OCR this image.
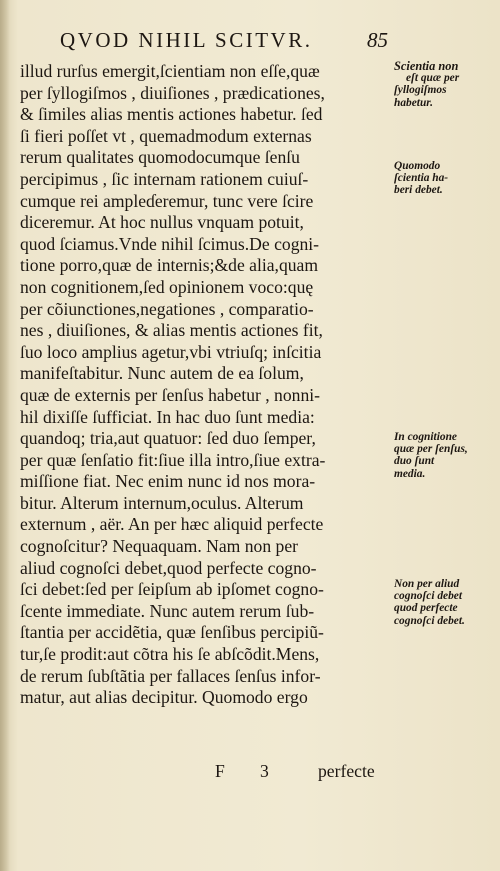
QVOD NIHIL SCITVR.	85
illud rurſus emergit,ſcientiam non eſſe,quæ
per ſyllogiſmos , diuiſiones , prædicationes,
& ſimiles alias mentis actiones habetur. ſed
ſi fieri poſſet vt , quemadmodum externas
rerum qualitates quomodocumque ſenſu
percipimus , ſic internam rationem cuiuſ-
cumque rei ampleɗeremur, tunc vere ſcire
diceremur. At hoc nullus vnquam potuit,
quod ſciamus.Vnde nihil ſcimus.De cogni-
tione porro,quæ de internis;&de alia,quam
non cognitionem,ſed opinionem voco:quę
per cõiunctiones,negationes , comparatio-
nes , diuiſiones, & alias mentis actiones fit,
ſuo loco amplius agetur,vbi vtriuſq; inſcitia
manifeſtabitur. Nunc autem de ea ſolum,
quæ de externis per ſenſus habetur , nonni-
hil dixiſſe ſufficiat. In hac duo ſunt media:
quandoq; tria,aut quatuor: ſed duo ſemper,
per quæ ſenſatio fit:ſiue illa intro,ſiue extra-
miſſione fiat. Nec enim nunc id nos mora-
bitur. Alterum internum,oculus. Alterum
externum , aër. An per hæc aliquid perfecte
cognoſcitur? Nequaquam. Nam non per
aliud cognoſci debet,quod perfecte cogno-
ſci debet:ſed per ſeipſum ab ipſomet cogno-
ſcente immediate. Nunc autem rerum ſub-
ſtantia per accidẽtia, quæ ſenſibus percipiũ-
tur,ſe prodit:aut cõtra his ſe abſcõdit.Mens,
de rerum ſubſtãtia per fallaces ſenſus infor-
matur, aut alias decipitur. Quomodo ergo
Scientia non
eſt quæ per
ſyllogiſmos
habetur.
Quomodo
ſcientia ha-
beri debet.
In cognitione
quæ per ſenſus,
duo ſunt
media.
Non per aliud
cognoſci debet
quod perfecte
cognoſci debet.
F 3	perfecte
